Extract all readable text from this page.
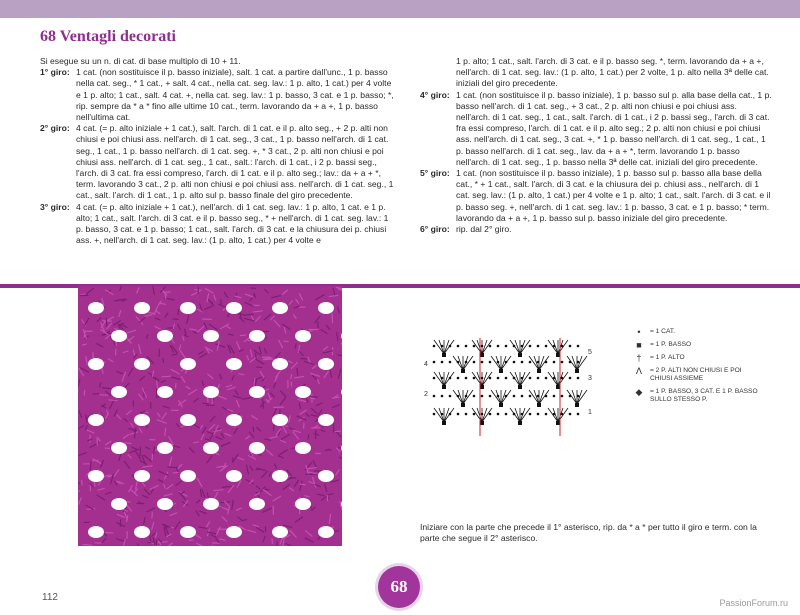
68 Ventagli decorati
Si esegue su un n. di cat. di base multiplo di 10 + 11.
1° giro: 1 cat. (non sostituisce il p. basso iniziale), salt. 1 cat. a partire dall'unc., 1 p. basso nella cat. seg., * 1 cat., + salt. 4 cat., nella cat. seg. lav.: 1 p. alto, 1 cat.) per 4 volte e 1 p. alto; 1 cat., salt. 4 cat. +, nella cat. seg. lav.: 1 p. basso, 3 cat. e 1 p. basso; *, rip. sempre da * a * fino alle ultime 10 cat., term. lavorando da + a +, 1 p. basso nell'ultima cat.
2° giro: 4 cat. (= p. alto iniziale + 1 cat.), salt. l'arch. di 1 cat. e il p. alto seg., + 2 p. alti non chiusi e poi chiusi ass. nell'arch. di 1 cat. seg., 3 cat., 1 p. basso nell'arch. di 1 cat. seg., 1 cat., 1 p. basso nell'arch. di 1 cat. seg. +, * 3 cat., 2 p. alti non chiusi e poi chiusi ass. nell'arch. di 1 cat. seg., 1 cat., salt.: l'arch. di 1 cat., i 2 p. bassi seg., l'arch. di 3 cat. fra essi compreso, l'arch. di 1 cat. e il p. alto seg.; lav.: da + a + *, term. lavorando 3 cat., 2 p. alti non chiusi e poi chiusi ass. nell'arch. di 1 cat. seg., 1 cat., salt. l'arch. di 1 cat., 1 p. alto sul p. basso finale del giro precedente.
3° giro: 4 cat. (= p. alto iniziale + 1 cat.), nell'arch. di 1 cat. seg. lav.: 1 p. alto, 1 cat. e 1 p. alto; 1 cat., salt. l'arch. di 3 cat. e il p. basso seg., * + nell'arch. di 1 cat. seg. lav.: 1 p. basso, 3 cat. e 1 p. basso; 1 cat., salt. l'arch. di 3 cat. e la chiusura dei p. chiusi ass. +, nell'arch. di 1 cat. seg. lav.: (1 p. alto, 1 cat.) per 4 volte e
1 p. alto; 1 cat., salt. l'arch. di 3 cat. e il p. basso seg. *, term. lavorando da + a +, nell'arch. di 1 cat. seg. lav.: (1 p. alto, 1 cat.) per 2 volte, 1 p. alto nella 3ª delle cat. iniziali del giro precedente.
4° giro: 1 cat. (non sostituisce il p. basso iniziale), 1 p. basso sul p. alla base della cat., 1 p. basso nell'arch. di 1 cat. seg., + 3 cat., 2 p. alti non chiusi e poi chiusi ass. nell'arch. di 1 cat. seg., 1 cat., salt. l'arch. di 1 cat., i 2 p. bassi seg., l'arch. di 3 cat. fra essi compreso, l'arch. di 1 cat. e il p. alto seg.; 2 p. alti non chiusi e poi chiusi ass. nell'arch. di 1 cat. seg., 3 cat. +, * 1 p. basso nell'arch. di 1 cat. seg., 1 cat., 1 p. basso nell'arch. di 1 cat. seg., lav. da + a + *, term. lavorando 1 p. basso nell'arch. di 1 cat. seg., 1 p. basso nella 3ª delle cat. iniziali del giro precedente.
5° giro: 1 cat. (non sostituisce il p. basso iniziale), 1 p. basso sul p. basso alla base della cat., * + 1 cat., salt. l'arch. di 3 cat. e la chiusura dei p. chiusi ass., nell'arch. di 1 cat. seg. lav.: (1 p. alto, 1 cat.) per 4 volte e 1 p. alto; 1 cat., salt. l'arch. di 3 cat. e il p. basso seg. +, nell'arch. di 1 cat. seg. lav.: 1 p. basso, 3 cat. e 1 p. basso; * term. lavorando da + a +, 1 p. basso sul p. basso iniziale del giro precedente.
6° giro: rip. dal 2° giro.
5
4
3
2
1
•	= 1 CAT.
■	= 1 P. BASSO
†	= 1 P. ALTO
ᐱ	= 2 P. ALTI NON CHIUSI E POI CHIUSI ASSIEME
◆	= 1 P. BASSO, 3 CAT. E 1 P. BASSO SULLO STESSO P.
Iniziare con la parte che precede il 1° asterisco, rip. da * a * per tutto il giro e term. con la parte che segue il 2° asterisco.
112
68
PassionForum.ru
